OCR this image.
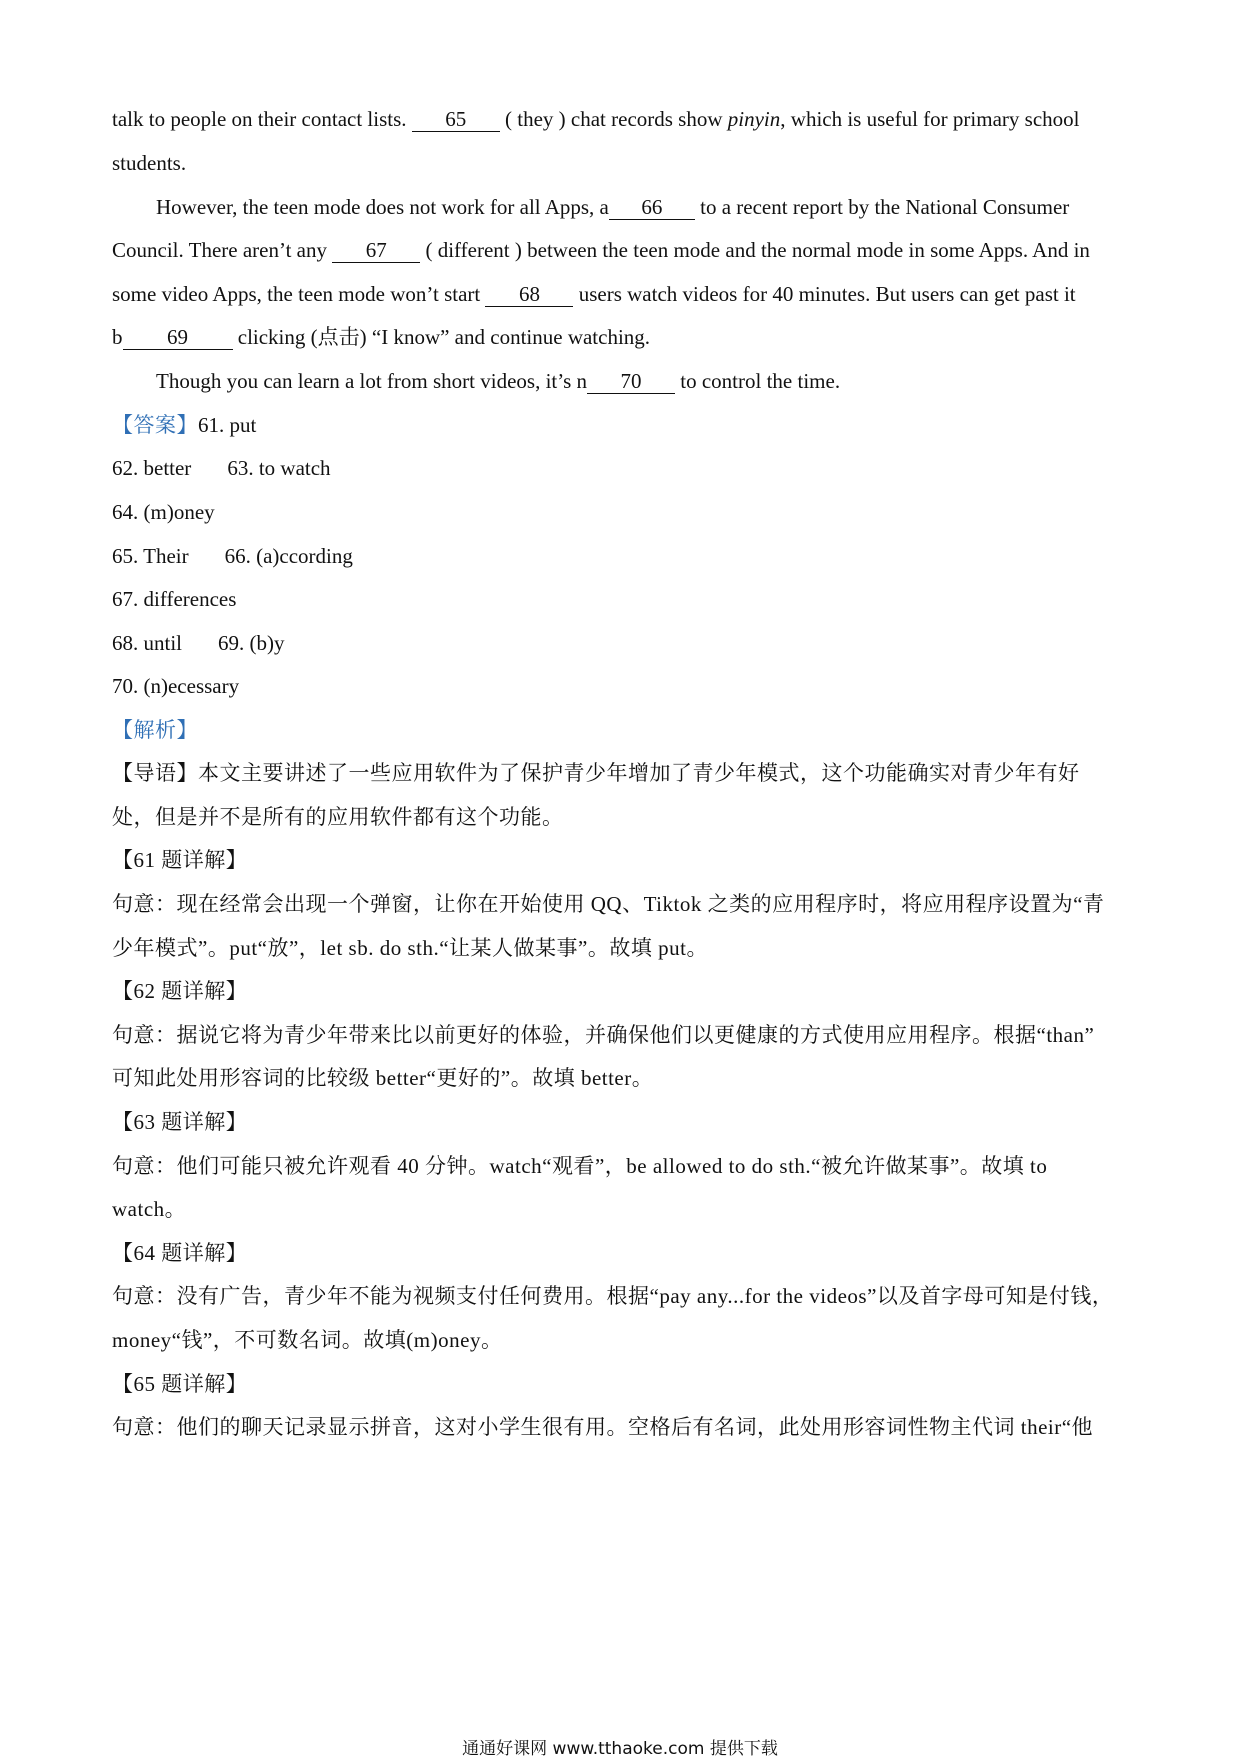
talk to people on their contact lists. 65 ( they ) chat records show pinyin, which is useful for primary school
students.
However, the teen mode does not work for all Apps, a 66 to a recent report by the National Consumer
Council. There aren’t any 67 ( different ) between the teen mode and the normal mode in some Apps. And in
some video Apps, the teen mode won’t start 68 users watch videos for 40 minutes. But users can get past it
b 69 clicking (点击) “I know” and continue watching.
Though you can learn a lot from short videos, it’s n 70 to control the time.
【答案】61. put
62. better 63. to watch
64. (m)oney
65. Their 66. (a)ccording
67. differences
68. until 69. (b)y
70. (n)ecessary
【解析】
【导语】本文主要讲述了一些应用软件为了保护青少年增加了青少年模式，这个功能确实对青少年有好
处，但是并不是所有的应用软件都有这个功能。
【61 题详解】
句意：现在经常会出现一个弹窗，让你在开始使用 QQ、Tiktok 之类的应用程序时，将应用程序设置为“青
少年模式”。put“放”，let sb. do sth.“让某人做某事”。故填 put。
【62 题详解】
句意：据说它将为青少年带来比以前更好的体验，并确保他们以更健康的方式使用应用程序。根据“than”
可知此处用形容词的比较级 better“更好的”。故填 better。
【63 题详解】
句意：他们可能只被允许观看 40 分钟。watch“观看”，be allowed to do sth.“被允许做某事”。故填 to
watch。
【64 题详解】
句意：没有广告，青少年不能为视频支付任何费用。根据“pay any...for the videos”以及首字母可知是付钱，
money“钱”，不可数名词。故填(m)oney。
【65 题详解】
句意：他们的聊天记录显示拼音，这对小学生很有用。空格后有名词，此处用形容词性物主代词 their“他
通通好课网 www.tthaoke.com 提供下载
